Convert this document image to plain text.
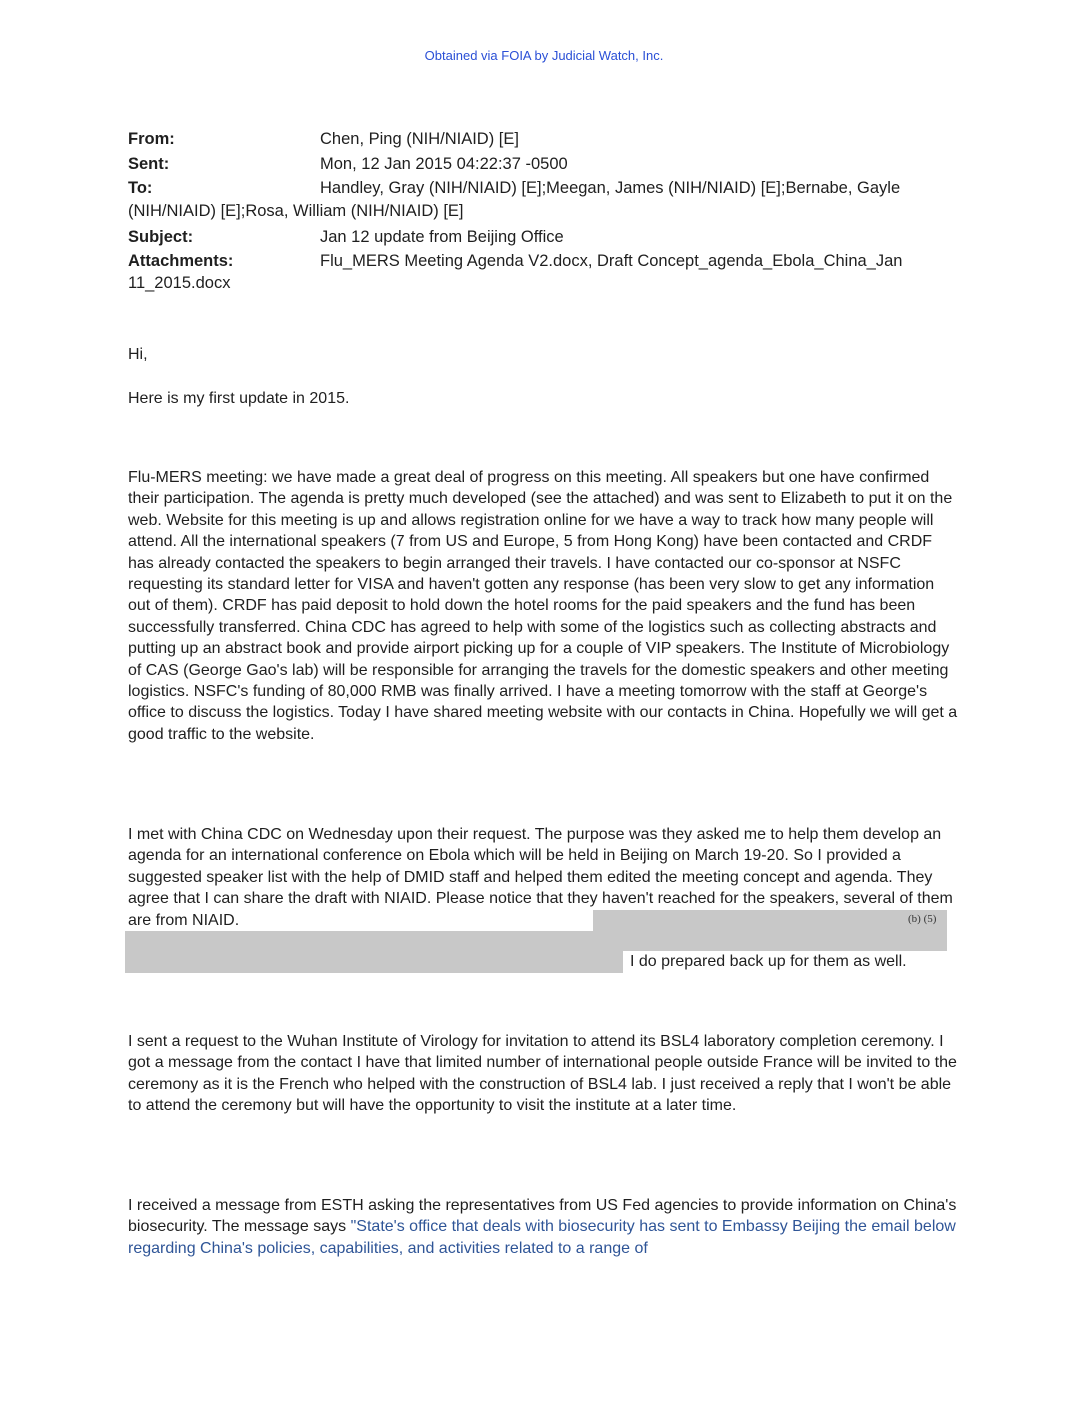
Obtained via FOIA by Judicial Watch, Inc.
From:	Chen, Ping (NIH/NIAID) [E]
Sent:	Mon, 12 Jan 2015 04:22:37 -0500
To:	Handley, Gray (NIH/NIAID) [E];Meegan, James (NIH/NIAID) [E];Bernabe, Gayle
(NIH/NIAID) [E];Rosa, William (NIH/NIAID) [E]
Subject:	Jan 12 update from Beijing Office
Attachments:	Flu_MERS Meeting Agenda V2.docx, Draft Concept_agenda_Ebola_China_Jan
11_2015.docx
Hi,
Here is my first update in 2015.
Flu-MERS meeting: we have made a great deal of progress on this meeting. All speakers but one have confirmed their participation. The agenda is pretty much developed (see the attached) and was sent to Elizabeth to put it on the web. Website for this meeting is up and allows registration online for we have a way to track how many people will attend. All the international speakers (7 from US and Europe, 5 from Hong Kong) have been contacted and CRDF has already contacted the speakers to begin arranged their travels. I have contacted our co-sponsor at NSFC requesting its standard letter for VISA and haven't gotten any response (has been very slow to get any information out of them). CRDF has paid deposit to hold down the hotel rooms for the paid speakers and the fund has been successfully transferred. China CDC has agreed to help with some of the logistics such as collecting abstracts and putting up an abstract book and provide airport picking up for a couple of VIP speakers. The Institute of Microbiology of CAS (George Gao's lab) will be responsible for arranging the travels for the domestic speakers and other meeting logistics. NSFC's funding of 80,000 RMB was finally arrived. I have a meeting tomorrow with the staff at George's office to discuss the logistics. Today I have shared meeting website with our contacts in China. Hopefully we will get a good traffic to the website.
I met with China CDC on Wednesday upon their request. The purpose was they asked me to help them develop an agenda for an international conference on Ebola which will be held in Beijing on March 19-20. So I provided a suggested speaker list with the help of DMID staff and helped them edited the meeting concept and agenda. They agree that I can share the draft with NIAID. Please notice that they haven't reached for the speakers, several of them are from NIAID.	(b) (5)
I do prepared back up for them as well.
I sent a request to the Wuhan Institute of Virology for invitation to attend its BSL4 laboratory completion ceremony. I got a message from the contact I have that limited number of international people outside France will be invited to the ceremony as it is the French who helped with the construction of BSL4 lab. I just received a reply that I won't be able to attend the ceremony but will have the opportunity to visit the institute at a later time.
I received a message from ESTH asking the representatives from US Fed agencies to provide information on China's biosecurity. The message says "State's office that deals with biosecurity has sent to Embassy Beijing the email below regarding China's policies, capabilities, and activities related to a range of
